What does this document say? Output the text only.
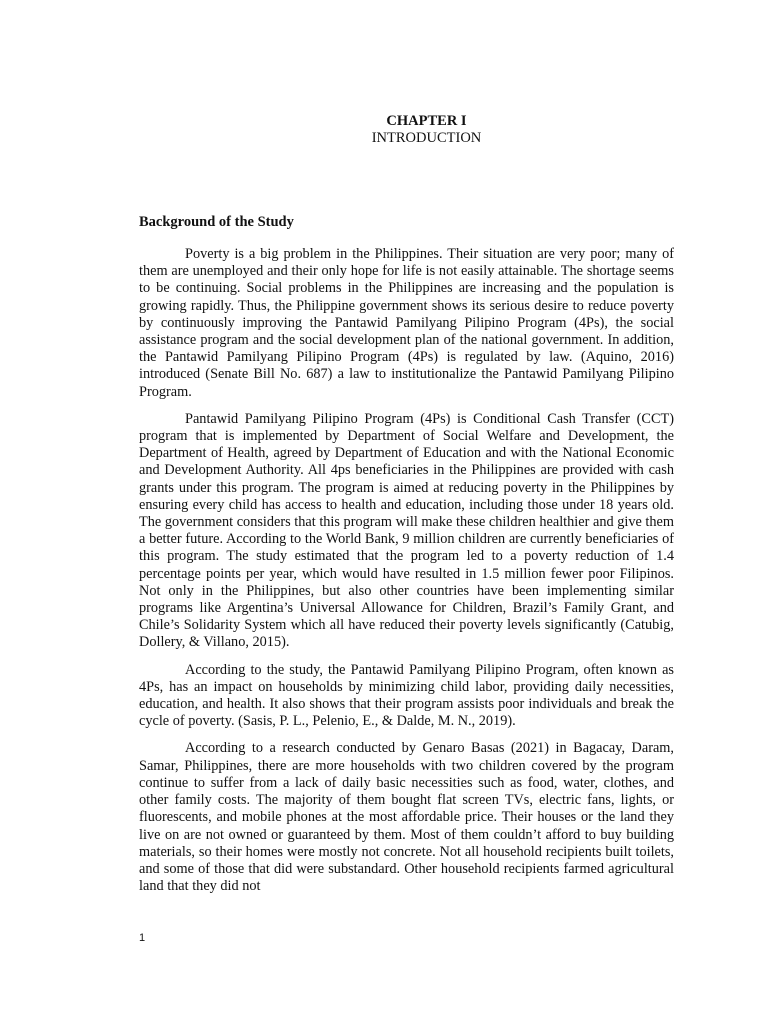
CHAPTER I
INTRODUCTION
Background of the Study

Poverty is a big problem in the Philippines. Their situation are very poor; many of them are unemployed and their only hope for life is not easily attainable. The shortage seems to be continuing. Social problems in the Philippines are increasing and the population is growing rapidly. Thus, the Philippine government shows its serious desire to reduce poverty by continuously improving the Pantawid Pamilyang Pilipino Program (4Ps), the social assistance program and the social development plan of the national government. In addition, the Pantawid Pamilyang Pilipino Program (4Ps) is regulated by law. (Aquino, 2016) introduced (Senate Bill No. 687) a law to institutionalize the Pantawid Pamilyang Pilipino Program.

Pantawid Pamilyang Pilipino Program (4Ps) is Conditional Cash Transfer (CCT) program that is implemented by Department of Social Welfare and Development, the Department of Health, agreed by Department of Education and with the National Economic and Development Authority. All 4ps beneficiaries in the Philippines are provided with cash grants under this program. The program is aimed at reducing poverty in the Philippines by ensuring every child has access to health and education, including those under 18 years old. The government considers that this program will make these children healthier and give them a better future. According to the World Bank, 9 million children are currently beneficiaries of this program. The study estimated that the program led to a poverty reduction of 1.4 percentage points per year, which would have resulted in 1.5 million fewer poor Filipinos. Not only in the Philippines, but also other countries have been implementing similar programs like Argentina’s Universal Allowance for Children, Brazil’s Family Grant, and Chile’s Solidarity System which all have reduced their poverty levels significantly (Catubig, Dollery, & Villano, 2015).

According to the study, the Pantawid Pamilyang Pilipino Program, often known as 4Ps, has an impact on households by minimizing child labor, providing daily necessities, education, and health. It also shows that their program assists poor individuals and break the cycle of poverty. (Sasis, P. L., Pelenio, E., & Dalde, M. N., 2019).

According to a research conducted by Genaro Basas (2021) in Bagacay, Daram, Samar, Philippines, there are more households with two children covered by the program continue to suffer from a lack of daily basic necessities such as food, water, clothes, and other family costs. The majority of them bought flat screen TVs, electric fans, lights, or fluorescents, and mobile phones at the most affordable price. Their houses or the land they live on are not owned or guaranteed by them. Most of them couldn’t afford to buy building materials, so their homes were mostly not concrete. Not all household recipients built toilets, and some of those that did were substandard. Other household recipients farmed agricultural land that they did not

1
